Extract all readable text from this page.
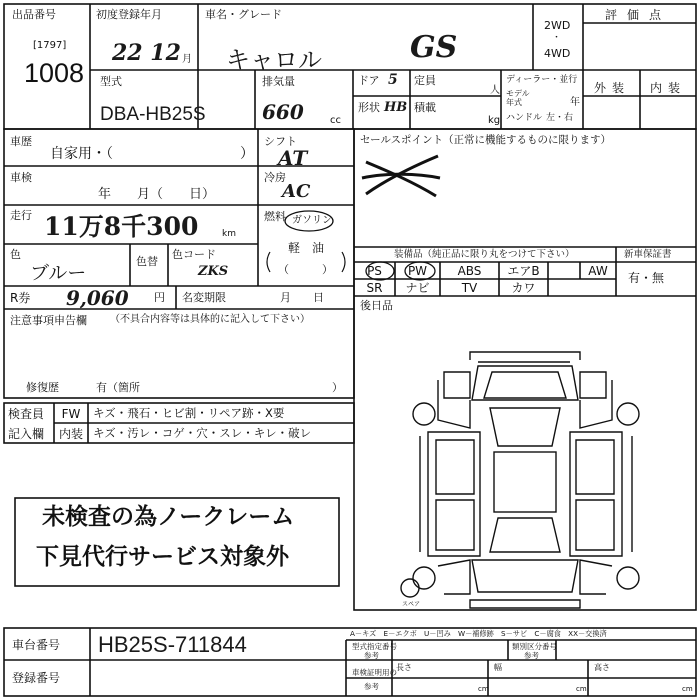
出品番号
[1797]
1008
初度登録年月
22 12 月
車名・グレード
キャロル	GS
2WD
・
4WD
評価点
型式
DBA-HB25S
排気量
660	cc
ドア 5 定員
人
形状 HB 積載
kg
ディーラー・並行
モデル
年式	年
ハンドル 左・右
外装 内装
車歴
自家用・（	）
車検
年　　月（　　日）
走行 11万8千300	km
色
ブルー
色替
色コード
ZKS
R券 9,060 円 名変期限	月　　日
シフト
AT
冷房
AC
燃料 ガソリン
軽　油
（　　　）
セールスポイント（正常に機能するものに限ります）
注意事項申告欄 （不具合内容等は具体的に記入して下さい）
修復歴	有（箇所	）
装備品（純正品に限り丸をつけて下さい）	新車保証書
有・無
PS	PW	ABS	エアB	AW
SR	ナビ	TV	カワ
後日品
検査員
記入欄
FW	キズ・飛石・ヒビ割・リペア跡・X要
内装 キズ・汚レ・コゲ・穴・スレ・キレ・破レ
未検査の為ノークレーム
下見代行サービス対象外
スペア
A－キズ　E－エクボ　U－凹み　W－補修跡　S－サビ　C－腐食　XX－交換済
車台番号 HB25S-711844
登録番号
型式指定番号
参考
類別区分番号
参考
車検証明用の
参考
長さ
cm
幅
cm
高さ
cm
